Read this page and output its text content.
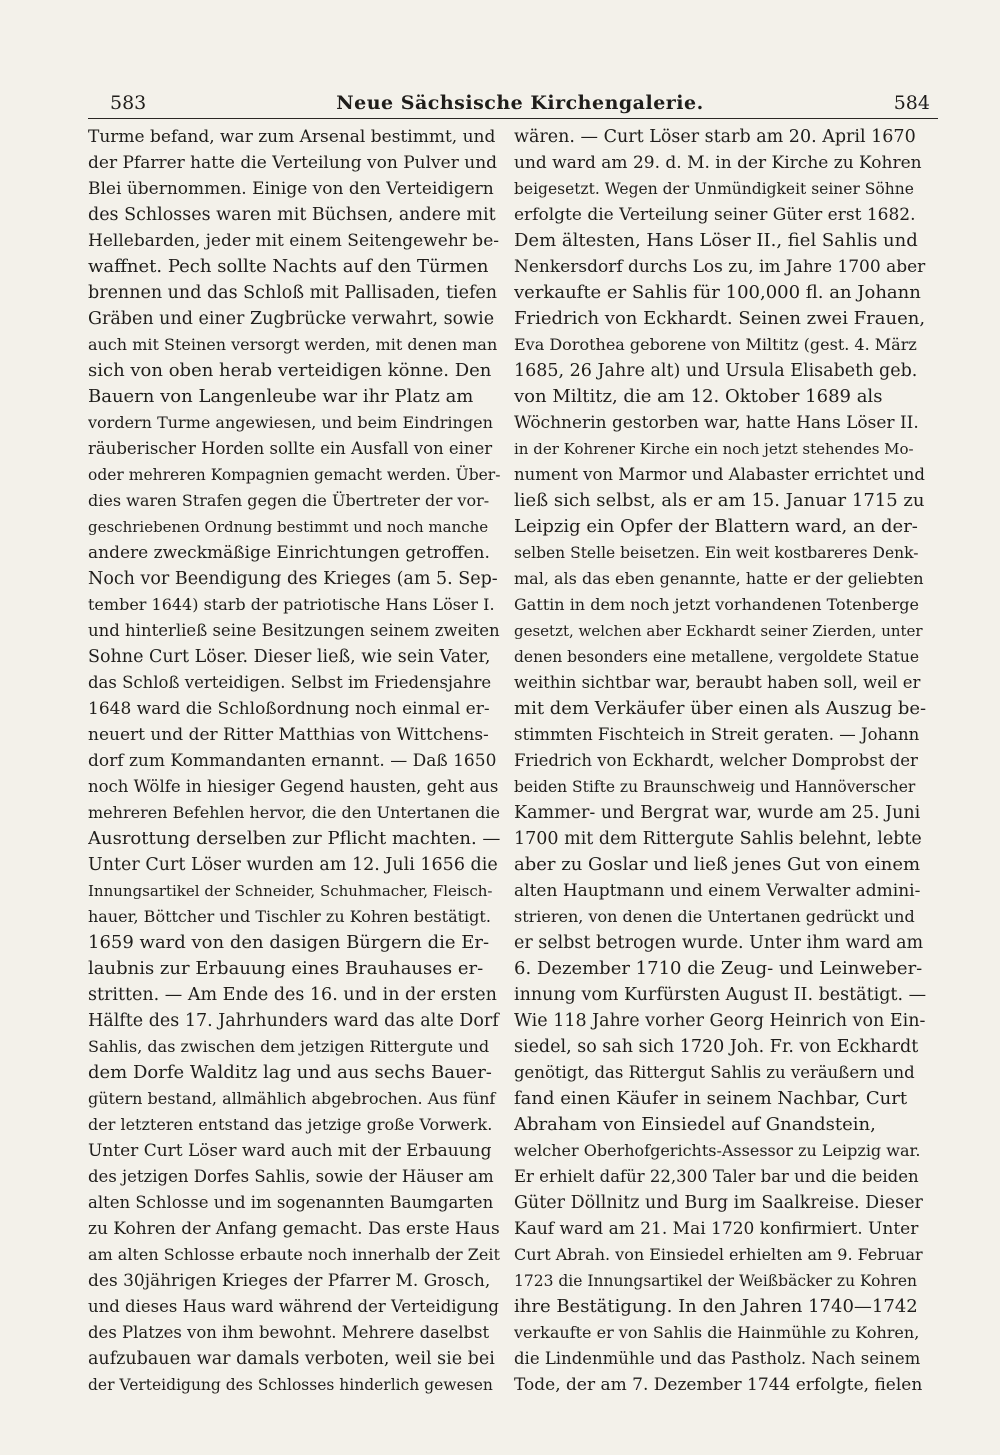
583	Neue Sächsische Kirchengalerie.	584
Turme befand, war zum Arsenal bestimmt, und
der Pfarrer hatte die Verteilung von Pulver und
Blei übernommen. Einige von den Verteidigern
des Schlosses waren mit Büchsen, andere mit
Hellebarden, jeder mit einem Seitengewehr be-
waffnet. Pech sollte Nachts auf den Türmen
brennen und das Schloß mit Pallisaden, tiefen
Gräben und einer Zugbrücke verwahrt, sowie
auch mit Steinen versorgt werden, mit denen man
sich von oben herab verteidigen könne. Den
Bauern von Langenleube war ihr Platz am
vordern Turme angewiesen, und beim Eindringen
räuberischer Horden sollte ein Ausfall von einer
oder mehreren Kompagnien gemacht werden. Über-
dies waren Strafen gegen die Übertreter der vor-
geschriebenen Ordnung bestimmt und noch manche
andere zweckmäßige Einrichtungen getroffen.
Noch vor Beendigung des Krieges (am 5. Sep-
tember 1644) starb der patriotische Hans Löser I.
und hinterließ seine Besitzungen seinem zweiten
Sohne Curt Löser. Dieser ließ, wie sein Vater,
das Schloß verteidigen. Selbst im Friedensjahre
1648 ward die Schloßordnung noch einmal er-
neuert und der Ritter Matthias von Wittchens-
dorf zum Kommandanten ernannt. — Daß 1650
noch Wölfe in hiesiger Gegend hausten, geht aus
mehreren Befehlen hervor, die den Untertanen die
Ausrottung derselben zur Pflicht machten. —
Unter Curt Löser wurden am 12. Juli 1656 die
Innungsartikel der Schneider, Schuhmacher, Fleisch-
hauer, Böttcher und Tischler zu Kohren bestätigt.
1659 ward von den dasigen Bürgern die Er-
laubnis zur Erbauung eines Brauhauses er-
stritten. — Am Ende des 16. und in der ersten
Hälfte des 17. Jahrhunders ward das alte Dorf
Sahlis, das zwischen dem jetzigen Rittergute und
dem Dorfe Walditz lag und aus sechs Bauer-
gütern bestand, allmählich abgebrochen. Aus fünf
der letzteren entstand das jetzige große Vorwerk.
Unter Curt Löser ward auch mit der Erbauung
des jetzigen Dorfes Sahlis, sowie der Häuser am
alten Schlosse und im sogenannten Baumgarten
zu Kohren der Anfang gemacht. Das erste Haus
am alten Schlosse erbaute noch innerhalb der Zeit
des 30jährigen Krieges der Pfarrer M. Grosch,
und dieses Haus ward während der Verteidigung
des Platzes von ihm bewohnt. Mehrere daselbst
aufzubauen war damals verboten, weil sie bei
der Verteidigung des Schlosses hinderlich gewesen
wären. — Curt Löser starb am 20. April 1670
und ward am 29. d. M. in der Kirche zu Kohren
beigesetzt. Wegen der Unmündigkeit seiner Söhne
erfolgte die Verteilung seiner Güter erst 1682.
Dem ältesten, Hans Löser II., fiel Sahlis und
Nenkersdorf durchs Los zu, im Jahre 1700 aber
verkaufte er Sahlis für 100,000 fl. an Johann
Friedrich von Eckhardt. Seinen zwei Frauen,
Eva Dorothea geborene von Miltitz (gest. 4. März
1685, 26 Jahre alt) und Ursula Elisabeth geb.
von Miltitz, die am 12. Oktober 1689 als
Wöchnerin gestorben war, hatte Hans Löser II.
in der Kohrener Kirche ein noch jetzt stehendes Mo-
nument von Marmor und Alabaster errichtet und
ließ sich selbst, als er am 15. Januar 1715 zu
Leipzig ein Opfer der Blattern ward, an der-
selben Stelle beisetzen. Ein weit kostbareres Denk-
mal, als das eben genannte, hatte er der geliebten
Gattin in dem noch jetzt vorhandenen Totenberge
gesetzt, welchen aber Eckhardt seiner Zierden, unter
denen besonders eine metallene, vergoldete Statue
weithin sichtbar war, beraubt haben soll, weil er
mit dem Verkäufer über einen als Auszug be-
stimmten Fischteich in Streit geraten. — Johann
Friedrich von Eckhardt, welcher Domprobst der
beiden Stifte zu Braunschweig und Hannöverscher
Kammer- und Bergrat war, wurde am 25. Juni
1700 mit dem Rittergute Sahlis belehnt, lebte
aber zu Goslar und ließ jenes Gut von einem
alten Hauptmann und einem Verwalter admini-
strieren, von denen die Untertanen gedrückt und
er selbst betrogen wurde. Unter ihm ward am
6. Dezember 1710 die Zeug- und Leinweber-
innung vom Kurfürsten August II. bestätigt. —
Wie 118 Jahre vorher Georg Heinrich von Ein-
siedel, so sah sich 1720 Joh. Fr. von Eckhardt
genötigt, das Rittergut Sahlis zu veräußern und
fand einen Käufer in seinem Nachbar, Curt
Abraham von Einsiedel auf Gnandstein,
welcher Oberhofgerichts-Assessor zu Leipzig war.
Er erhielt dafür 22,300 Taler bar und die beiden
Güter Döllnitz und Burg im Saalkreise. Dieser
Kauf ward am 21. Mai 1720 konfirmiert. Unter
Curt Abrah. von Einsiedel erhielten am 9. Februar
1723 die Innungsartikel der Weißbäcker zu Kohren
ihre Bestätigung. In den Jahren 1740—1742
verkaufte er von Sahlis die Hainmühle zu Kohren,
die Lindenmühle und das Pastholz. Nach seinem
Tode, der am 7. Dezember 1744 erfolgte, fielen
